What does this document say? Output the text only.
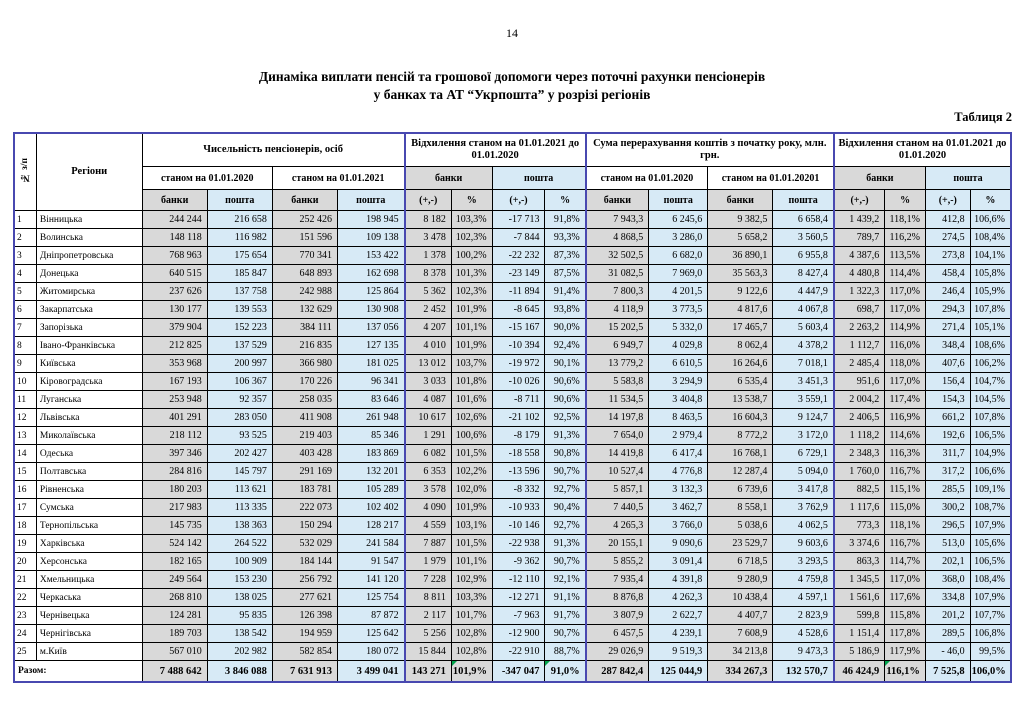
14
Динаміка виплати пенсій та грошової допомоги через поточні рахунки пенсіонерів
у банках та АТ “Укрпошта” у розрізі регіонів
Таблиця 2
№ з/п	Регіони	Чисельність пенсіонерів, осіб				Відхилення станом на 01.01.2021 до 01.01.2020				Сума перерахування коштів з початку року, млн. грн.				Відхилення станом на 01.01.2021 до 01.01.2020			
		станом на 01.01.2020		станом на 01.01.2021		банки		пошта		станом на 01.01.2020		станом на 01.01.20201		банки		пошта	
		банки	пошта	банки	пошта	(+,-)	%	(+,-)	%	банки	пошта	банки	пошта	(+,-)	%	(+,-)	%
1	Вінницька	244 244	216 658	252 426	198 945	8 182	103,3%	-17 713	91,8%	7 943,3	6 245,6	9 382,5	6 658,4	1 439,2	118,1%	412,8	106,6%
2	Волинська	148 118	116 982	151 596	109 138	3 478	102,3%	-7 844	93,3%	4 868,5	3 286,0	5 658,2	3 560,5	789,7	116,2%	274,5	108,4%
3	Дніпропетровська	768 963	175 654	770 341	153 422	1 378	100,2%	-22 232	87,3%	32 502,5	6 682,0	36 890,1	6 955,8	4 387,6	113,5%	273,8	104,1%
4	Донецька	640 515	185 847	648 893	162 698	8 378	101,3%	-23 149	87,5%	31 082,5	7 969,0	35 563,3	8 427,4	4 480,8	114,4%	458,4	105,8%
5	Житомирська	237 626	137 758	242 988	125 864	5 362	102,3%	-11 894	91,4%	7 800,3	4 201,5	9 122,6	4 447,9	1 322,3	117,0%	246,4	105,9%
6	Закарпатська	130 177	139 553	132 629	130 908	2 452	101,9%	-8 645	93,8%	4 118,9	3 773,5	4 817,6	4 067,8	698,7	117,0%	294,3	107,8%
7	Запорізька	379 904	152 223	384 111	137 056	4 207	101,1%	-15 167	90,0%	15 202,5	5 332,0	17 465,7	5 603,4	2 263,2	114,9%	271,4	105,1%
8	Івано-Франківська	212 825	137 529	216 835	127 135	4 010	101,9%	-10 394	92,4%	6 949,7	4 029,8	8 062,4	4 378,2	1 112,7	116,0%	348,4	108,6%
9	Київська	353 968	200 997	366 980	181 025	13 012	103,7%	-19 972	90,1%	13 779,2	6 610,5	16 264,6	7 018,1	2 485,4	118,0%	407,6	106,2%
10	Кіровоградська	167 193	106 367	170 226	96 341	3 033	101,8%	-10 026	90,6%	5 583,8	3 294,9	6 535,4	3 451,3	951,6	117,0%	156,4	104,7%
11	Луганська	253 948	92 357	258 035	83 646	4 087	101,6%	-8 711	90,6%	11 534,5	3 404,8	13 538,7	3 559,1	2 004,2	117,4%	154,3	104,5%
12	Львівська	401 291	283 050	411 908	261 948	10 617	102,6%	-21 102	92,5%	14 197,8	8 463,5	16 604,3	9 124,7	2 406,5	116,9%	661,2	107,8%
13	Миколаївська	218 112	93 525	219 403	85 346	1 291	100,6%	-8 179	91,3%	7 654,0	2 979,4	8 772,2	3 172,0	1 118,2	114,6%	192,6	106,5%
14	Одеська	397 346	202 427	403 428	183 869	6 082	101,5%	-18 558	90,8%	14 419,8	6 417,4	16 768,1	6 729,1	2 348,3	116,3%	311,7	104,9%
15	Полтавська	284 816	145 797	291 169	132 201	6 353	102,2%	-13 596	90,7%	10 527,4	4 776,8	12 287,4	5 094,0	1 760,0	116,7%	317,2	106,6%
16	Рівненська	180 203	113 621	183 781	105 289	3 578	102,0%	-8 332	92,7%	5 857,1	3 132,3	6 739,6	3 417,8	882,5	115,1%	285,5	109,1%
17	Сумська	217 983	113 335	222 073	102 402	4 090	101,9%	-10 933	90,4%	7 440,5	3 462,7	8 558,1	3 762,9	1 117,6	115,0%	300,2	108,7%
18	Тернопільська	145 735	138 363	150 294	128 217	4 559	103,1%	-10 146	92,7%	4 265,3	3 766,0	5 038,6	4 062,5	773,3	118,1%	296,5	107,9%
19	Харківська	524 142	264 522	532 029	241 584	7 887	101,5%	-22 938	91,3%	20 155,1	9 090,6	23 529,7	9 603,6	3 374,6	116,7%	513,0	105,6%
20	Херсонська	182 165	100 909	184 144	91 547	1 979	101,1%	-9 362	90,7%	5 855,2	3 091,4	6 718,5	3 293,5	863,3	114,7%	202,1	106,5%
21	Хмельницька	249 564	153 230	256 792	141 120	7 228	102,9%	-12 110	92,1%	7 935,4	4 391,8	9 280,9	4 759,8	1 345,5	117,0%	368,0	108,4%
22	Черкаська	268 810	138 025	277 621	125 754	8 811	103,3%	-12 271	91,1%	8 876,8	4 262,3	10 438,4	4 597,1	1 561,6	117,6%	334,8	107,9%
23	Чернівецька	124 281	95 835	126 398	87 872	2 117	101,7%	-7 963	91,7%	3 807,9	2 622,7	4 407,7	2 823,9	599,8	115,8%	201,2	107,7%
24	Чернігівська	189 703	138 542	194 959	125 642	5 256	102,8%	-12 900	90,7%	6 457,5	4 239,1	7 608,9	4 528,6	1 151,4	117,8%	289,5	106,8%
25	м.Київ	567 010	202 982	582 854	180 072	15 844	102,8%	-22 910	88,7%	29 026,9	9 519,3	34 213,8	9 473,3	5 186,9	117,9%	- 46,0	99,5%
Разом:		7 488 642	3 846 088	7 631 913	3 499 041	143 271	101,9%	-347 047	91,0%	287 842,4	125 044,9	334 267,3	132 570,7	46 424,9	116,1%	7 525,8	106,0%
